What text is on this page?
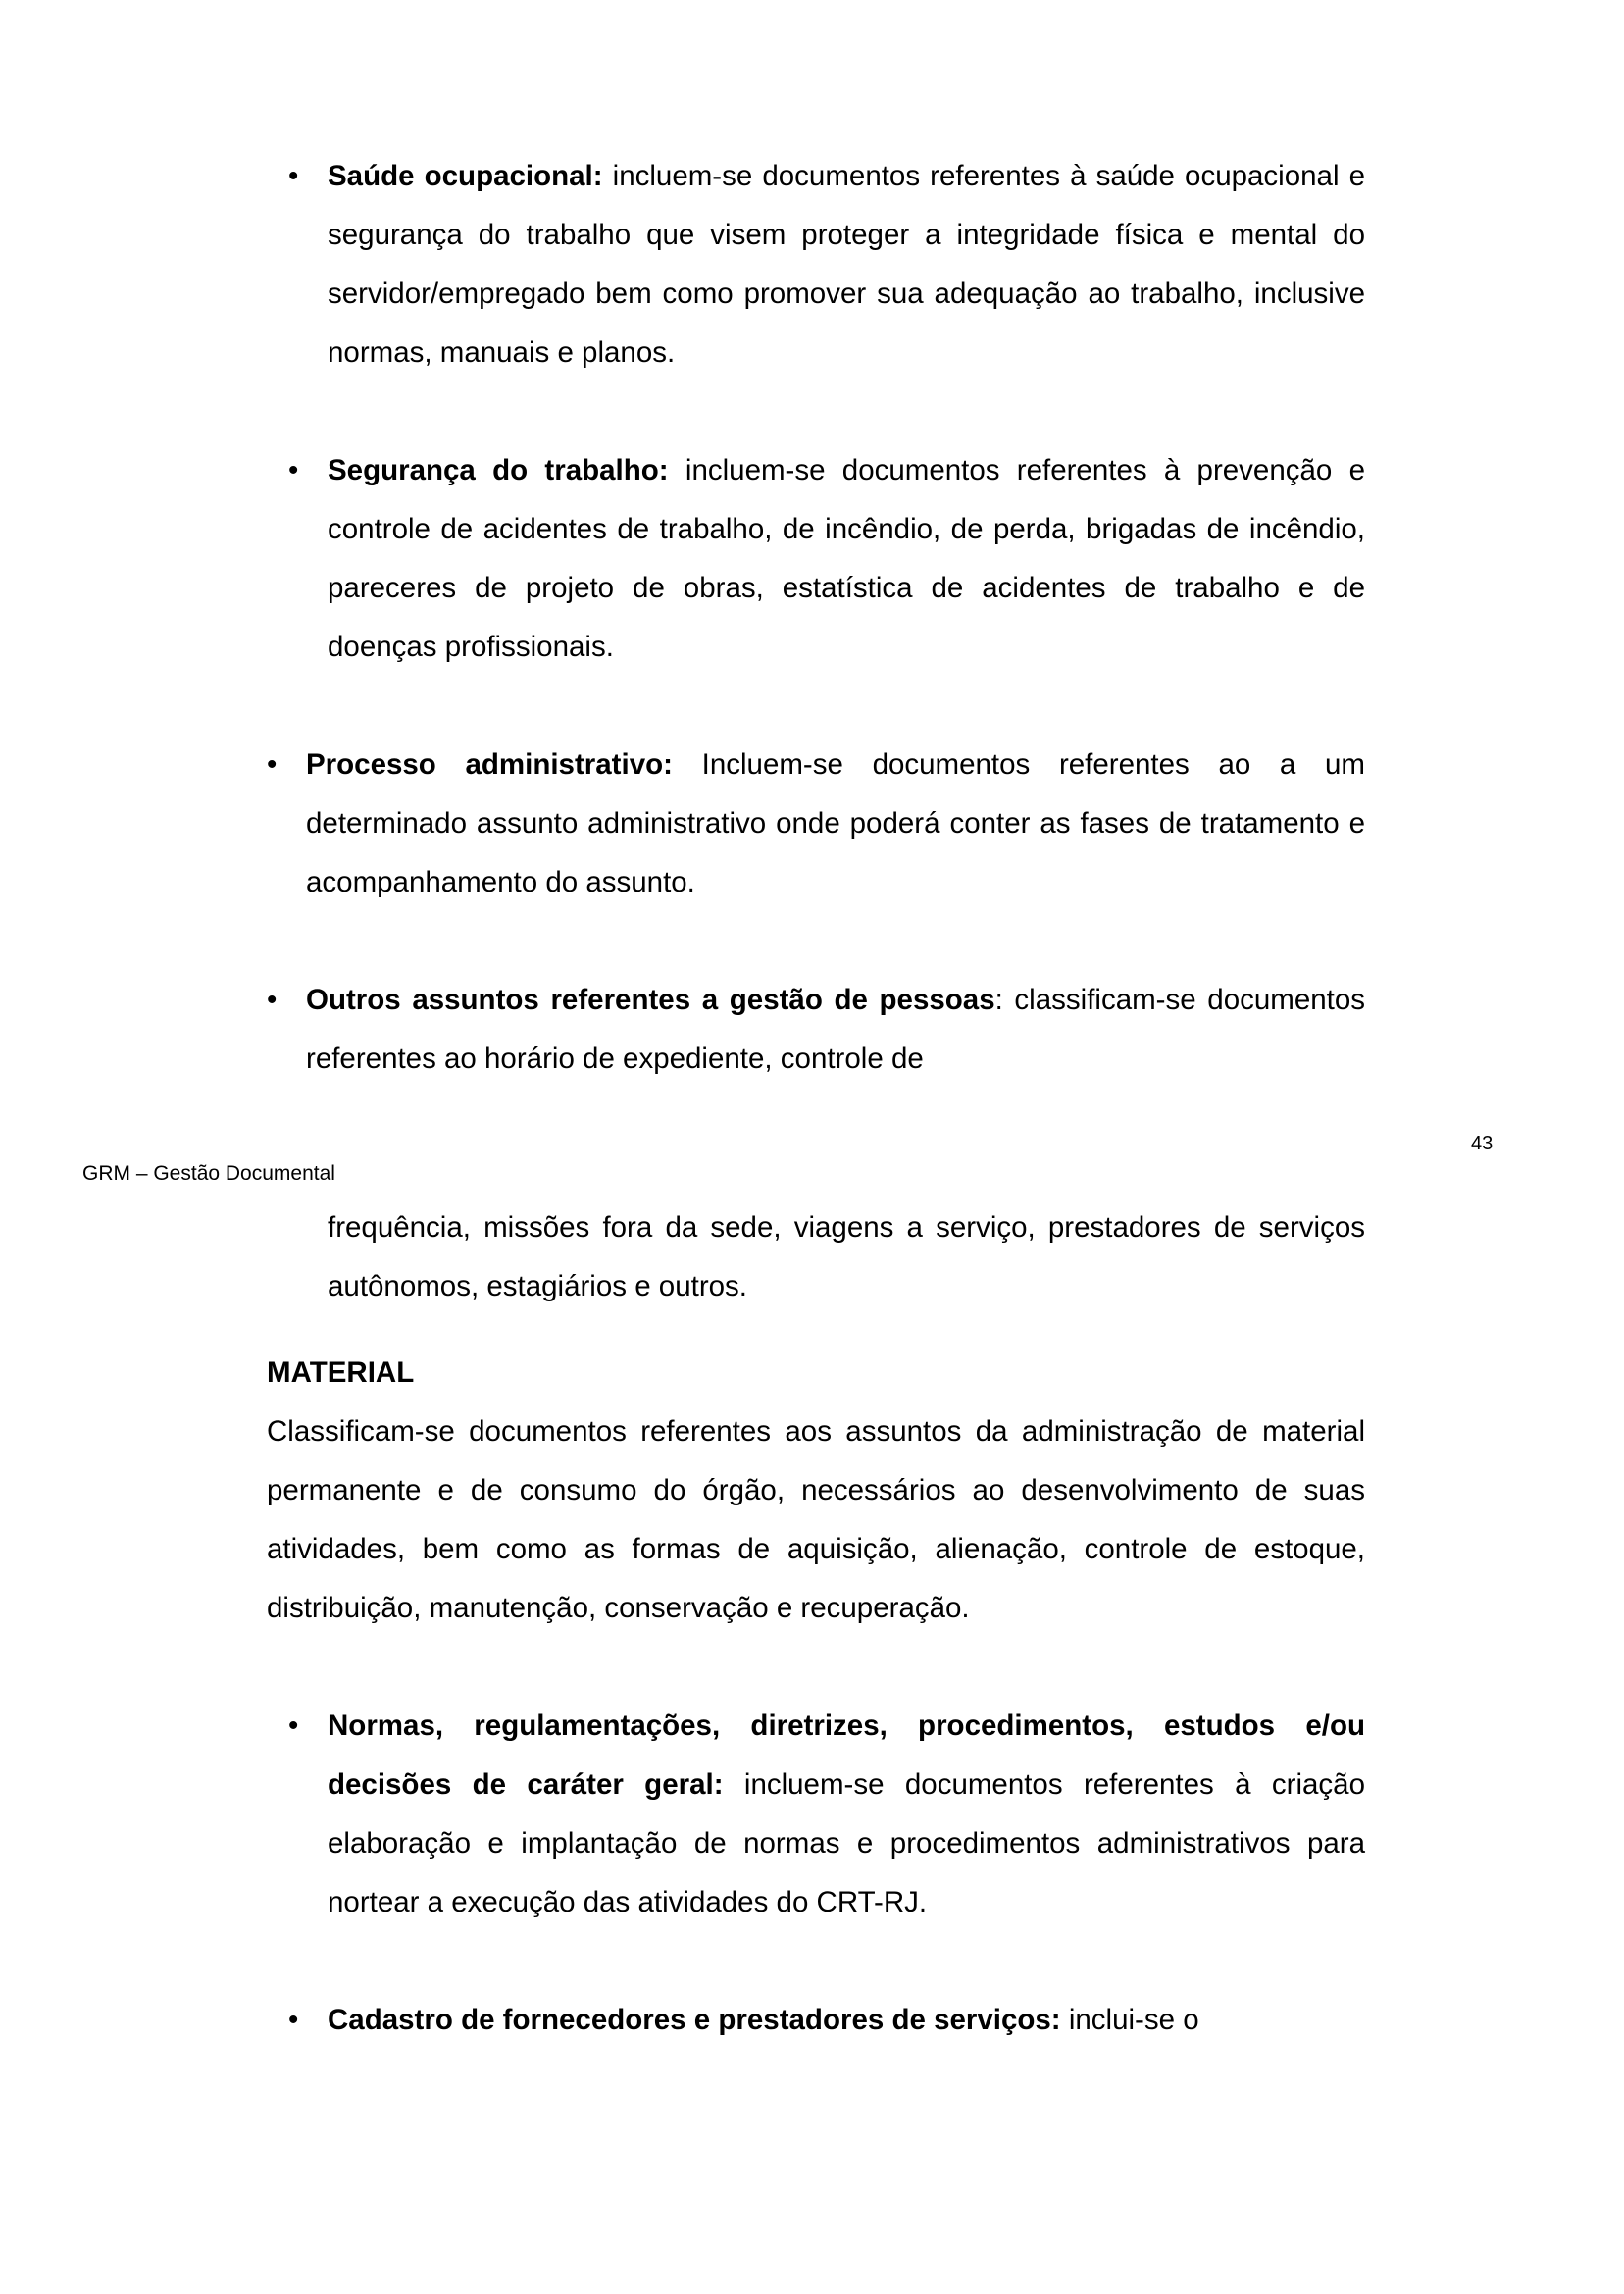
43
GRM – Gestão Documental

• Saúde ocupacional: incluem-se documentos referentes à saúde ocupacional e segurança do trabalho que visem proteger a integridade física e mental do servidor/empregado bem como promover sua adequação ao trabalho, inclusive normas, manuais e planos.

• Segurança do trabalho: incluem-se documentos referentes à prevenção e controle de acidentes de trabalho, de incêndio, de perda, brigadas de incêndio, pareceres de projeto de obras, estatística de acidentes de trabalho e de doenças profissionais.

• Processo administrativo: Incluem-se documentos referentes ao a um determinado assunto administrativo onde poderá conter as fases de tratamento e acompanhamento do assunto.

• Outros assuntos referentes a gestão de pessoas: classificam-se documentos referentes ao horário de expediente, controle de

frequência, missões fora da sede, viagens a serviço, prestadores de serviços autônomos, estagiários e outros.

MATERIAL

Classificam-se documentos referentes aos assuntos da administração de material permanente e de consumo do órgão, necessários ao desenvolvimento de suas atividades, bem como as formas de aquisição, alienação, controle de estoque, distribuição, manutenção, conservação e recuperação.

• Normas, regulamentações, diretrizes, procedimentos, estudos e/ou decisões de caráter geral: incluem-se documentos referentes à criação elaboração e implantação de normas e procedimentos administrativos para nortear a execução das atividades do CRT-RJ.

• Cadastro de fornecedores e prestadores de serviços: inclui-se o
